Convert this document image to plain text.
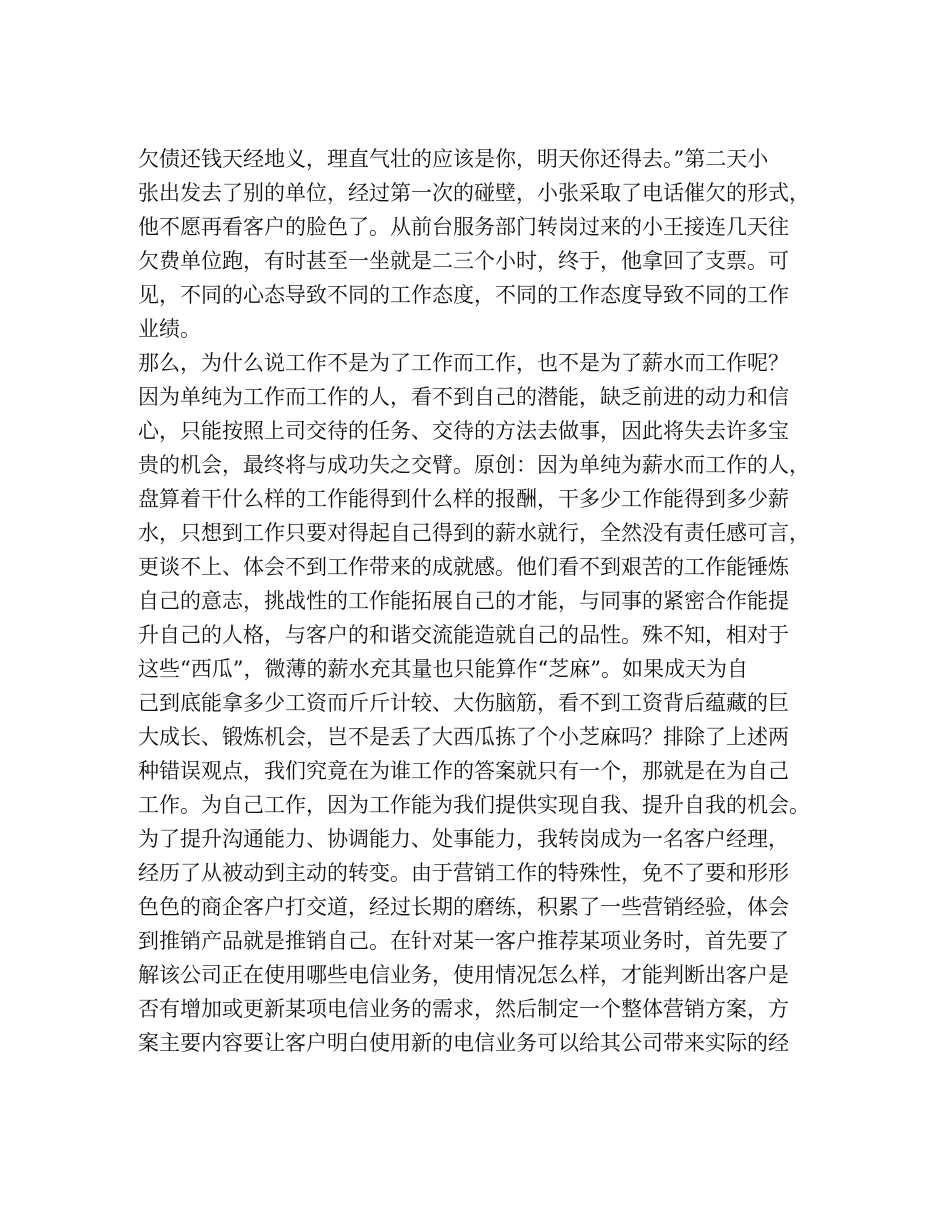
欠债还钱天经地义，理直气壮的应该是你，明天你还得去。”第二天小
张出发去了别的单位，经过第一次的碰壁，小张采取了电话催欠的形式，
他不愿再看客户的脸色了。从前台服务部门转岗过来的小王接连几天往
欠费单位跑，有时甚至一坐就是二三个小时，终于，他拿回了支票。可
见，不同的心态导致不同的工作态度，不同的工作态度导致不同的工作
业绩。
那么，为什么说工作不是为了工作而工作，也不是为了薪水而工作呢？
因为单纯为工作而工作的人，看不到自己的潜能，缺乏前进的动力和信
心，只能按照上司交待的任务、交待的方法去做事，因此将失去许多宝
贵的机会，最终将与成功失之交臂。原创：因为单纯为薪水而工作的人，
盘算着干什么样的工作能得到什么样的报酬，干多少工作能得到多少薪
水，只想到工作只要对得起自己得到的薪水就行，全然没有责任感可言，
更谈不上、体会不到工作带来的成就感。他们看不到艰苦的工作能锤炼
自己的意志，挑战性的工作能拓展自己的才能，与同事的紧密合作能提
升自己的人格，与客户的和谐交流能造就自己的品性。殊不知，相对于
这些“西瓜”，微薄的薪水充其量也只能算作“芝麻”。如果成天为自
己到底能拿多少工资而斤斤计较、大伤脑筋，看不到工资背后蕴藏的巨
大成长、锻炼机会，岂不是丢了大西瓜拣了个小芝麻吗？排除了上述两
种错误观点，我们究竟在为谁工作的答案就只有一个，那就是在为自己
工作。为自己工作，因为工作能为我们提供实现自我、提升自我的机会。
为了提升沟通能力、协调能力、处事能力，我转岗成为一名客户经理，
经历了从被动到主动的转变。由于营销工作的特殊性，免不了要和形形
色色的商企客户打交道，经过长期的磨练，积累了一些营销经验，体会
到推销产品就是推销自己。在针对某一客户推荐某项业务时，首先要了
解该公司正在使用哪些电信业务，使用情况怎么样，才能判断出客户是
否有增加或更新某项电信业务的需求，然后制定一个整体营销方案，方
案主要内容要让客户明白使用新的电信业务可以给其公司带来实际的经
